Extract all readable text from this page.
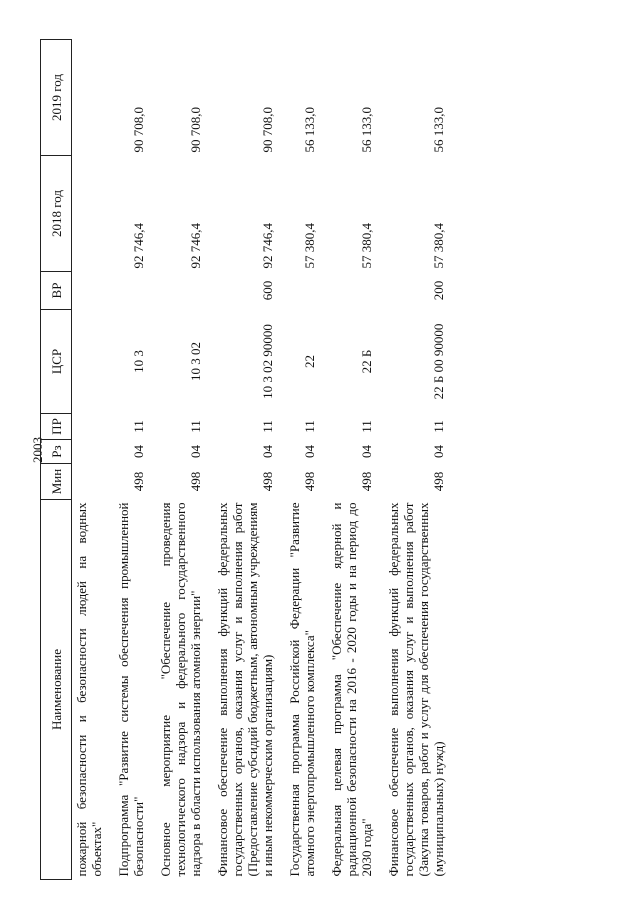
2003
Наименование	Мин	Рз	ПР	ЦСР	ВР	2018 год	2019 год
пожарной безопасности и безопасности людей на водных объектах"							
Подпрограмма "Развитие системы обеспечения промышленной безопасности"	498	04	11	10 3		92 746,4	90 708,0
Основное мероприятие "Обеспечение проведения технологического надзора и федерального государственного надзора в области использования атомной энергии"	498	04	11	10 3 02		92 746,4	90 708,0
Финансовое обеспечение выполнения функций федеральных государственных органов, оказания услуг и выполнения работ (Предоставление субсидий бюджетным, автономным учреждениям и иным некоммерческим организациям)	498	04	11	10 3 02 90000	600	92 746,4	90 708,0
Государственная программа Российской Федерации "Развитие атомного энергопромышленного комплекса"	498	04	11	22		57 380,4	56 133,0
Федеральная целевая программа "Обеспечение ядерной и радиационной безопасности на 2016 - 2020 годы и на период до 2030 года"	498	04	11	22 Б		57 380,4	56 133,0
Финансовое обеспечение выполнения функций федеральных государственных органов, оказания услуг и выполнения работ (Закупка товаров, работ и услуг для обеспечения государственных (муниципальных) нужд)	498	04	11	22 Б 00 90000	200	57 380,4	56 133,0
